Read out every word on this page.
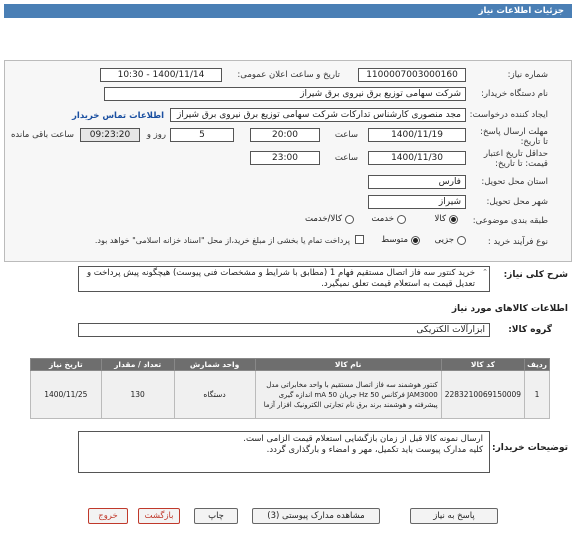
جزئیات اطلاعات نیاز
شماره نیاز:
1100007003000160
تاریخ و ساعت اعلان عمومی:
1400/11/14 - 10:30
نام دستگاه خریدار:
شرکت سهامی توزیع برق نیروی برق شیراز
ایجاد کننده درخواست:
مجد منصوری کارشناس تدارکات شرکت سهامی توزیع برق نیروی برق شیراز
اطلاعات تماس خریدار
مهلت ارسال پاسخ: تا تاریخ:
1400/11/19
ساعت
20:00
5
روز و
09:23:20
ساعت باقی مانده
حداقل تاریخ اعتبار قیمت: تا تاریخ:
1400/11/30
ساعت
23:00
استان محل تحویل:
فارس
شهر محل تحویل:
شیراز
طبقه بندی موضوعی:
کالا
خدمت
کالا/خدمت
نوع فرآیند خرید :
جزیی
متوسط
پرداخت تمام یا بخشی از مبلغ خرید،از محل "اسناد خزانه اسلامی" خواهد بود.
شرح کلی نیاز:
خرید کنتور سه فاز اتصال مستقیم فهام 1 (مطابق با شرایط و مشخصات فنی پیوست) هیچگونه پیش پرداخت و تعدیل قیمت به استعلام قیمت تعلق نمیگیرد.
⌃
اطلاعات کالاهای مورد نیاز
گروه کالا:
ابزارآلات الکتریکی
ردیف	کد کالا	نام کالا	واحد شمارش	تعداد / مقدار	تاریخ نیاز
1	2283210069150009	کنتور هوشمند سه فاز اتصال مستقیم با واحد مخابراتی مدل JAM3000 فرکانس 50 Hz جریان 50 mA اندازه گیری پیشرفته و هوشمند برند برق نام تجارتی الکترونیک افزار آزما	دستگاه	130	1400/11/25
توضیحات خریدار:
ارسال نمونه کالا قبل از زمان بازگشایی استعلام قیمت الزامی است.
کلیه مدارک پیوست باید تکمیل، مهر و امضاء و بارگذاری گردد.
پاسخ به نیاز
مشاهده مدارک پیوستی (3)
چاپ
بازگشت
خروج
